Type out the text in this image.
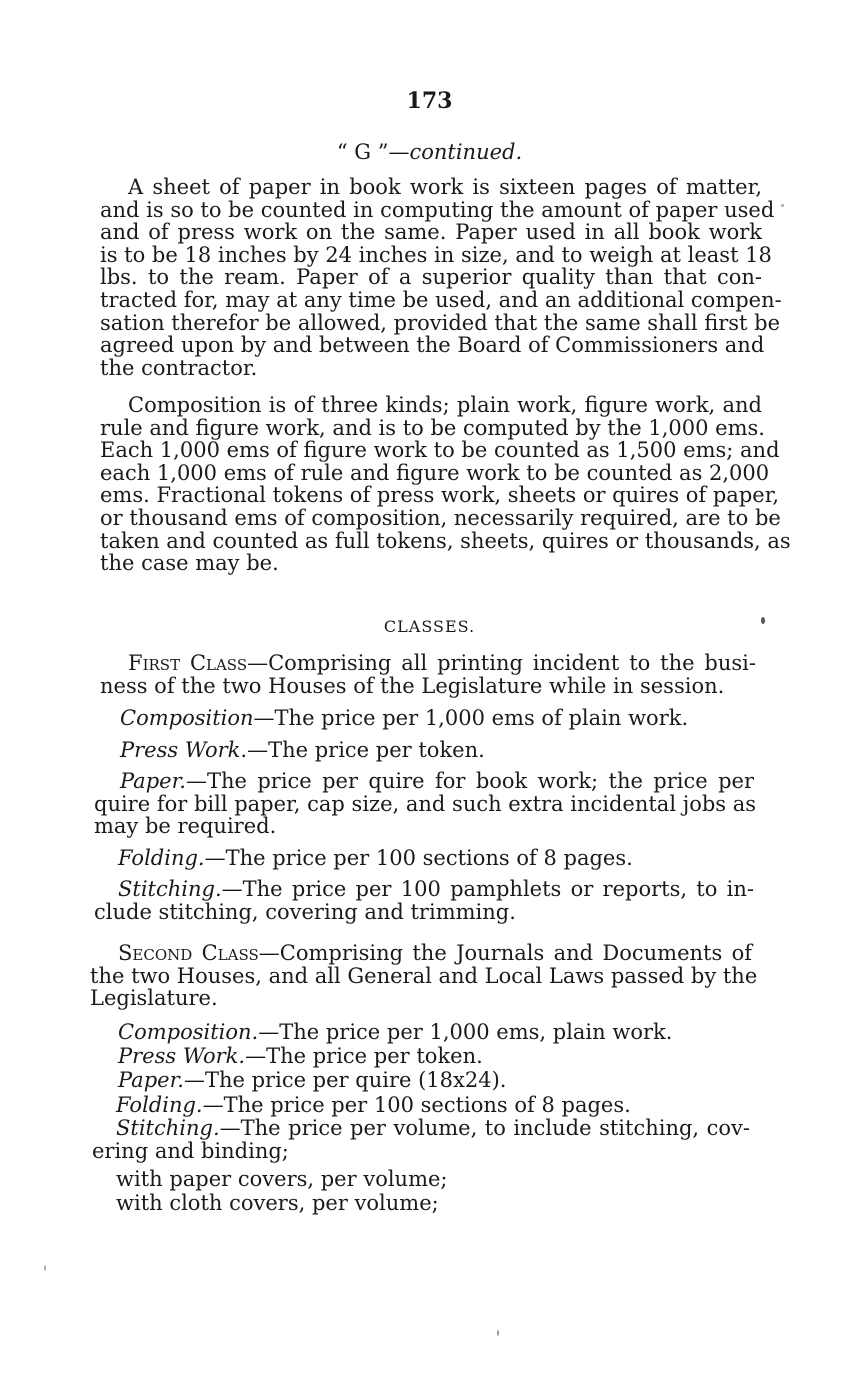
173
“ G ”—continued.
A sheet of paper in book work is sixteen pages of matter,
and is so to be counted in computing the amount of paper used
and of press work on the same. Paper used in all book work
is to be 18 inches by 24 inches in size, and to weigh at least 18
lbs. to the ream. Paper of a superior quality than that con-
tracted for, may at any time be used, and an additional compen-
sation therefor be allowed, provided that the same shall first be
agreed upon by and between the Board of Commissioners and
the contractor.
Composition is of three kinds; plain work, figure work, and
rule and figure work, and is to be computed by the 1,000 ems.
Each 1,000 ems of figure work to be counted as 1,500 ems; and
each 1,000 ems of rule and figure work to be counted as 2,000
ems. Fractional tokens of press work, sheets or quires of paper,
or thousand ems of composition, necessarily required, are to be
taken and counted as full tokens, sheets, quires or thousands, as
the case may be.
CLASSES.
First Class—Comprising all printing incident to the busi-
ness of the two Houses of the Legislature while in session.
Composition—The price per 1,000 ems of plain work.
Press Work.—The price per token.
Paper.—The price per quire for book work; the price per
quire for bill paper, cap size, and such extra incidental jobs as
may be required.
Folding.—The price per 100 sections of 8 pages.
Stitching.—The price per 100 pamphlets or reports, to in-
clude stitching, covering and trimming.
Second Class—Comprising the Journals and Documents of
the two Houses, and all General and Local Laws passed by the
Legislature.
Composition.—The price per 1,000 ems, plain work.
Press Work.—The price per token.
Paper.—The price per quire (18x24).
Folding.—The price per 100 sections of 8 pages.
Stitching.—The price per volume, to include stitching, cov-
ering and binding;
with paper covers, per volume;
with cloth covers, per volume;
